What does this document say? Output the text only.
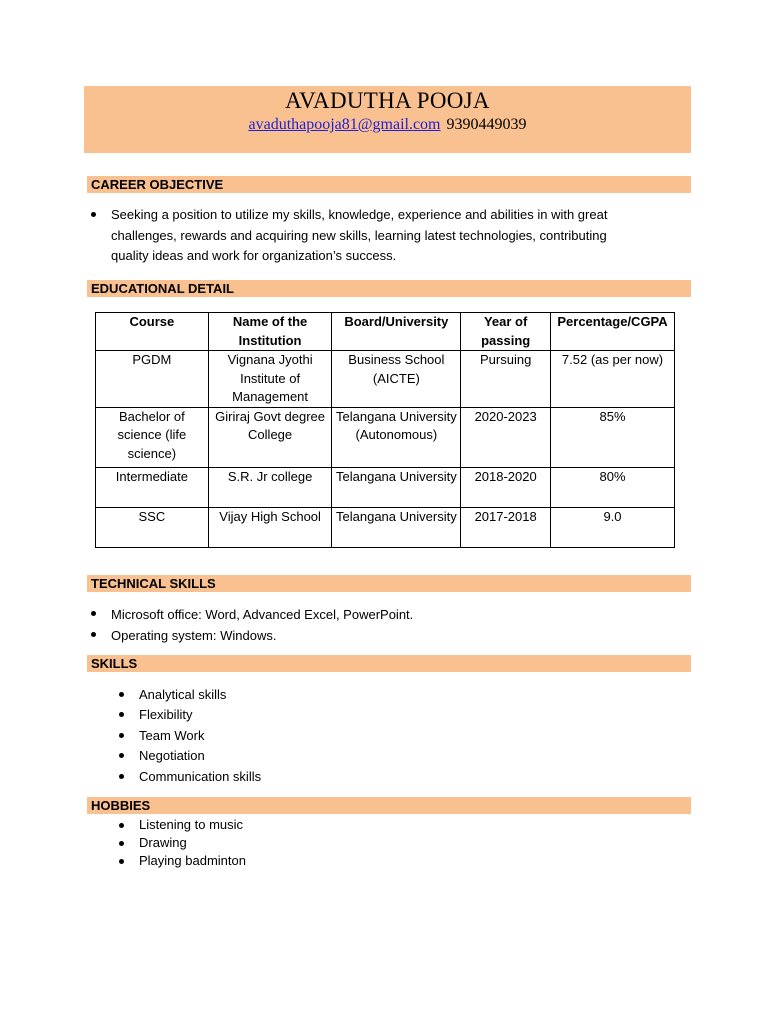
AVADUTHA POOJA
avaduthapooja81@gmail.com 9390449039
CAREER OBJECTIVE
Seeking a position to utilize my skills, knowledge, experience and abilities in with great challenges, rewards and acquiring new skills, learning latest technologies, contributing quality ideas and work for organization’s success.
EDUCATIONAL DETAIL
Course	Name of the Institution	Board/University	Year of passing	Percentage/CGPA
PGDM	Vignana Jyothi Institute of Management	Business School (AICTE)	Pursuing	7.52 (as per now)
Bachelor of science (life science)	Giriraj Govt degree College	Telangana University (Autonomous)	2020-2023	85%
Intermediate	S.R. Jr college	Telangana University	2018-2020	80%
SSC	Vijay High School	Telangana University	2017-2018	9.0
TECHNICAL SKILLS
Microsoft office: Word, Advanced Excel, PowerPoint.
Operating system: Windows.
SKILLS
Analytical skills
Flexibility
Team Work
Negotiation
Communication skills
HOBBIES
Listening to music
Drawing
Playing badminton
